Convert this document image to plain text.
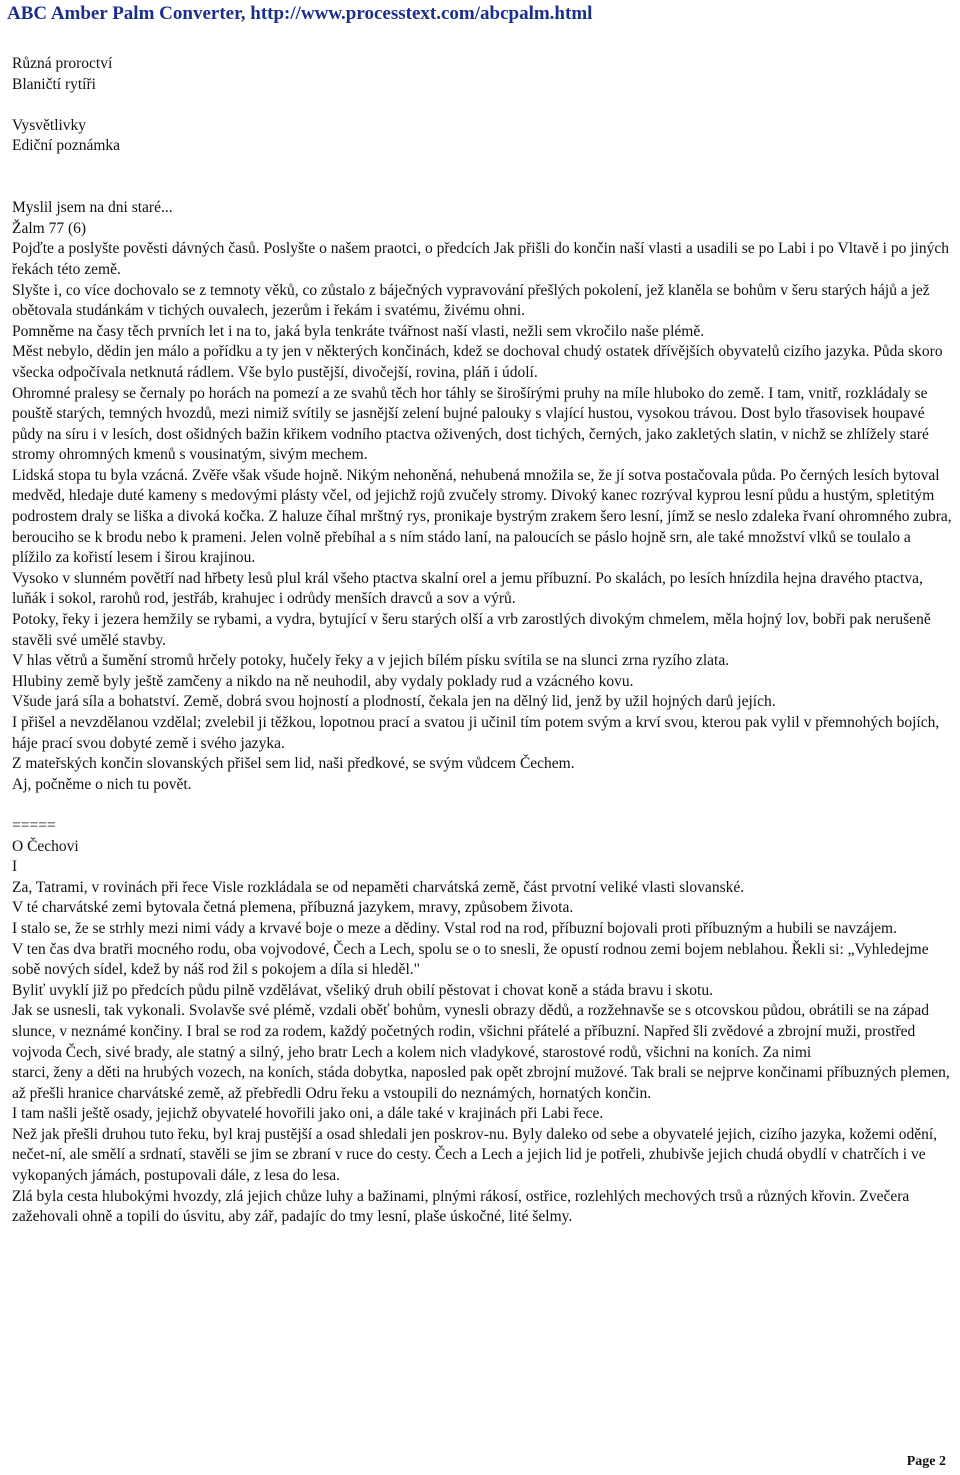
ABC Amber Palm Converter, http://www.processtext.com/abcpalm.html
Různá proroctví
Blaničtí rytíři
Vysvětlivky
Ediční poznámka
Myslil jsem na dni staré...
Žalm 77 (6)
Pojďte a poslyšte pověsti dávných časů. Poslyšte o našem praotci, o předcích Jak přišli do končin naší vlasti a usadili se po Labi i po Vltavě i po jiných řekách této země.
Slyšte i, co více dochovalo se z temnoty věků, co zůstalo z báječných vypravování přešlých pokolení, jež klaněla se bohům v šeru starých hájů a jež obětovala studánkám v tichých ouvalech, jezerům i řekám i svatému, živému ohni.
Pomněme na časy těch prvních let i na to, jaká byla tenkráte tvářnost naší vlasti, nežli sem vkročilo naše plémě.
Měst nebylo, dědin jen málo a pořídku a ty jen v některých končinách, kdež se dochoval chudý ostatek dřívějších obyvatelů cizího jazyka. Půda skoro všecka odpočívala netknutá rádlem. Vše bylo pustější, divočejší, rovina, pláň i údolí.
Ohromné pralesy se černaly po horách na pomezí a ze svahů těch hor táhly se širošírými pruhy na míle hluboko do země. I tam, vnitř, rozkládaly se pouště starých, temných hvozdů, mezi nimiž svítily se jasnější zelení bujné palouky s vlající hustou, vysokou trávou. Dost bylo třasovisek houpavé půdy na síru i v lesích, dost ošidných bažin křikem vodního ptactva oživených, dost tichých, černých, jako zakletých slatin, v nichž se zhlížely staré stromy ohromných kmenů s vousinatým, sivým mechem.
Lidská stopa tu byla vzácná. Zvěře však všude hojně. Nikým nehoněná, nehubená množila se, že jí sotva postačovala půda. Po černých lesích bytoval medvěd, hledaje duté kameny s medovými plásty včel, od jejichž rojů zvučely stromy. Divoký kanec rozrýval kyprou lesní půdu a hustým, spletitým podrostem draly se liška a divoká kočka. Z haluze číhal mrštný rys, pronikaje bystrým zrakem šero lesní, jímž se neslo zdaleka řvaní ohromného zubra, berouciho se k brodu nebo k prameni. Jelen volně přebíhal a s ním stádo laní, na paloucích se páslo hojně srn, ale také množství vlků se toulalo a plížilo za kořistí lesem i širou krajinou.
Vysoko v slunném povětří nad hřbety lesů plul král všeho ptactva skalní orel a jemu příbuzní. Po skalách, po lesích hnízdila hejna dravého ptactva, luňák i sokol, rarohů rod, jestřáb, krahujec i odrůdy menších dravců a sov a výrů.
Potoky, řeky i jezera hemžily se rybami, a vydra, bytující v šeru starých olší a vrb zarostlých divokým chmelem, měla hojný lov, bobři pak nerušeně stavěli své umělé stavby.
V hlas větrů a šumění stromů hrčely potoky, hučely řeky a v jejich bílém písku svítila se na slunci zrna ryzího zlata.
Hlubiny země byly ještě zamčeny a nikdo na ně neuhodil, aby vydaly poklady rud a vzácného kovu.
Všude jará síla a bohatství. Země, dobrá svou hojností a plodností, čekala jen na dělný lid, jenž by užil hojných darů jejích.
I přišel a nevzdělanou vzdělal; zvelebil ji těžkou, lopotnou prací a svatou ji učinil tím potem svým a krví svou, kterou pak vylil v přemnohých bojích, háje prací svou dobyté země i svého jazyka.
Z mateřských končin slovanských přišel sem lid, naši předkové, se svým vůdcem Čechem.
Aj, počněme o nich tu povět.
=====
O Čechovi
I
Za, Tatrami, v rovinách při řece Visle rozkládala se od nepaměti charvátská země, část prvotní veliké vlasti slovanské.
V té charvátské zemi bytovala četná plemena, příbuzná jazykem, mravy, způsobem života.
I stalo se, že se strhly mezi nimi vády a krvavé boje o meze a dědiny. Vstal rod na rod, příbuzní bojovali proti příbuzným a hubili se navzájem.
V ten čas dva bratři mocného rodu, oba vojvodové, Čech a Lech, spolu se o to snesli, že opustí rodnou zemi bojem neblahou. Řekli si: „Vyhledejme sobě nových sídel, kdež by náš rod žil s pokojem a díla si hleděl."
Byliť uvyklí již po předcích půdu pilně vzdělávat, všeliký druh obilí pěstovat i chovat koně a stáda bravu i skotu.
Jak se usnesli, tak vykonali. Svolavše své plémě, vzdali oběť bohům, vynesli obrazy dědů, a rozžehnavše se s otcovskou půdou, obrátili se na západ slunce, v neznámé končiny. I bral se rod za rodem, každý početných rodin, všichni přátelé a příbuzní. Napřed šli zvědové a zbrojní muži, prostřed vojvoda Čech, sivé brady, ale statný a silný, jeho bratr Lech a kolem nich vladykové, starostové rodů, všichni na koních. Za nimi
starci, ženy a děti na hrubých vozech, na koních, stáda dobytka, naposled pak opět zbrojní mužové. Tak brali se nejprve končinami příbuzných plemen, až přešli hranice charvátské země, až přebředli Odru řeku a vstoupili do neznámých, hornatých končin.
I tam našli ještě osady, jejichž obyvatelé hovořili jako oni, a dále také v krajinách při Labi řece.
Než jak přešli druhou tuto řeku, byl kraj pustější a osad shledali jen poskrov-nu. Byly daleko od sebe a obyvatelé jejich, cizího jazyka, kožemi odění, nečet-ní, ale smělí a srdnatí, stavěli se jim se zbraní v ruce do cesty. Čech a Lech a jejich lid je potřeli, zhubivše jejich chudá obydlí v chatrčích i ve vykopaných jámách, postupovali dále, z lesa do lesa.
Zlá byla cesta hlubokými hvozdy, zlá jejich chůze luhy a bažinami, plnými rákosí, ostřice, rozlehlých mechových trsů a různých křovin. Zvečera zažehovali ohně a topili do úsvitu, aby zář, padajíc do tmy lesní, plaše úskočné, lité šelmy.
Page 2
